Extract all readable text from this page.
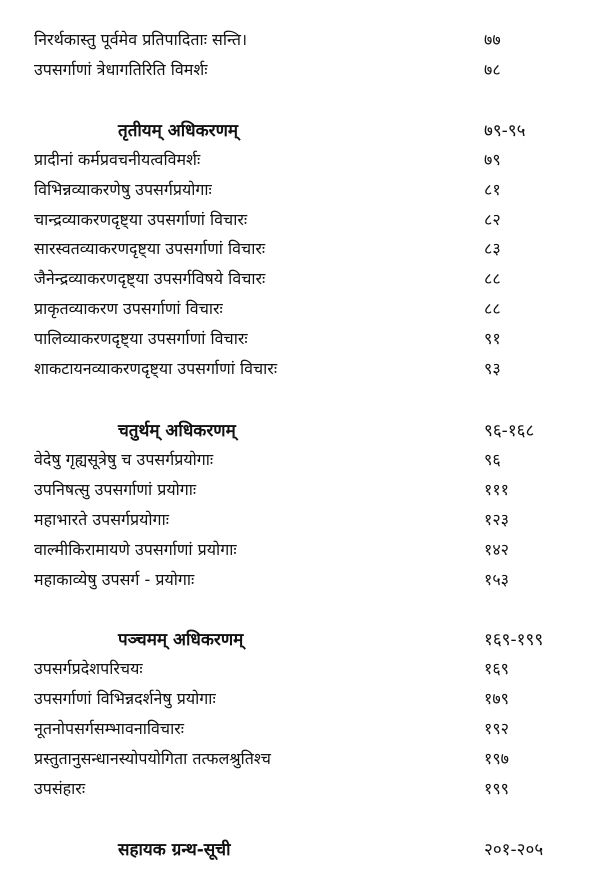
निरर्थकास्तु पूर्वमेव प्रतिपादिताः सन्ति।	७७
उपसर्गाणां त्रेधागतिरिति विमर्शः	७८
तृतीयम् अधिकरणम्	७९-९५
प्रादीनां कर्मप्रवचनीयत्वविमर्शः	७९
विभिन्नव्याकरणेषु उपसर्गप्रयोगाः	८१
चान्द्रव्याकरणदृष्ट्या उपसर्गाणां विचारः	८२
सारस्वतव्याकरणदृष्ट्या उपसर्गाणां विचारः	८३
जैनेन्द्रव्याकरणदृष्ट्या उपसर्गविषये विचारः	८८
प्राकृतव्याकरण उपसर्गाणां विचारः	८८
पालिव्याकरणदृष्ट्या उपसर्गाणां विचारः	९१
शाकटायनव्याकरणदृष्ट्या उपसर्गाणां विचारः	९३
चतुर्थम् अधिकरणम्	९६-१६८
वेदेषु गृह्यसूत्रेषु च उपसर्गप्रयोगाः	९६
उपनिषत्सु उपसर्गाणां प्रयोगाः	१११
महाभारते उपसर्गप्रयोगाः	१२३
वाल्मीकिरामायणे उपसर्गाणां प्रयोगाः	१४२
महाकाव्येषु उपसर्ग - प्रयोगाः	१५३
पञ्चमम् अधिकरणम्	१६९-१९९
उपसर्गप्रदेशपरिचयः	१६९
उपसर्गाणां विभिन्नदर्शनेषु प्रयोगाः	१७९
नूतनोपसर्गसम्भावनाविचारः	१९२
प्रस्तुतानुसन्धानस्योपयोगिता तत्फलश्रुतिश्च	१९७
उपसंहारः	१९९
सहायक ग्रन्थ-सूची	२०१-२०५
